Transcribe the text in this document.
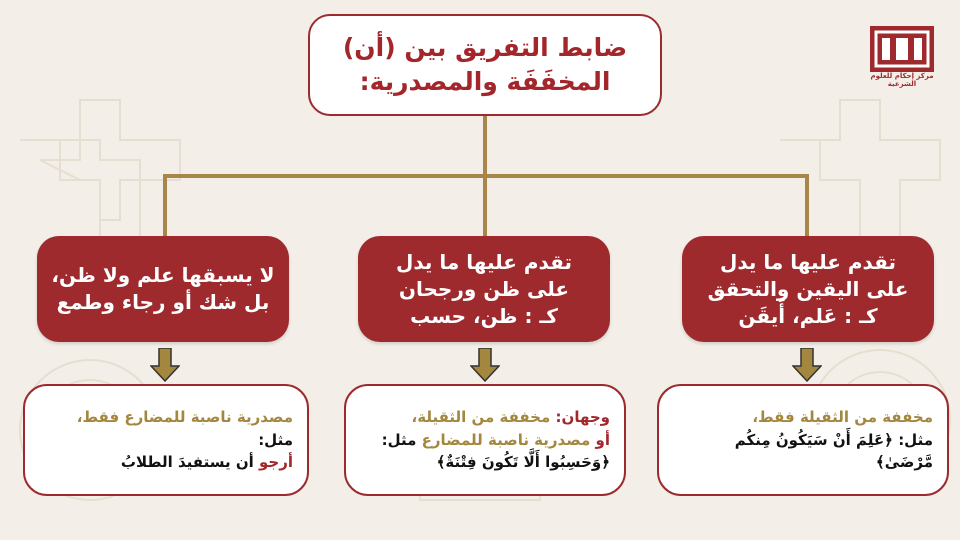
ضابط التفريق بين (أن)
المخفَفَة والمصدرية:	مركز إحكام للعلوم الشرعية
تقدم عليها ما يدل
على اليقين والتحقق
كـ : عَلم، أَيقَن
تقدم عليها ما يدل
على ظن ورجحان
كـ : ظن، حسب
لا يسبقها علم ولا ظن،
بل شك أو رجاء وطمع
مخففة من الثقيلة فقط،
مثل: ﴿عَلِمَ أَنْ سَيَكُونُ مِنكُم مَّرْضَىٰ﴾
وجهان: مخففة من الثقيلة،
أو مصدرية ناصبة للمضارع مثل:
﴿وَحَسِبُوا أَلَّا تَكُونَ فِتْنَةٌ﴾
مصدرية ناصبة للمضارع فقط، مثل:
أرجو أن يستفيدَ الطلابُ
